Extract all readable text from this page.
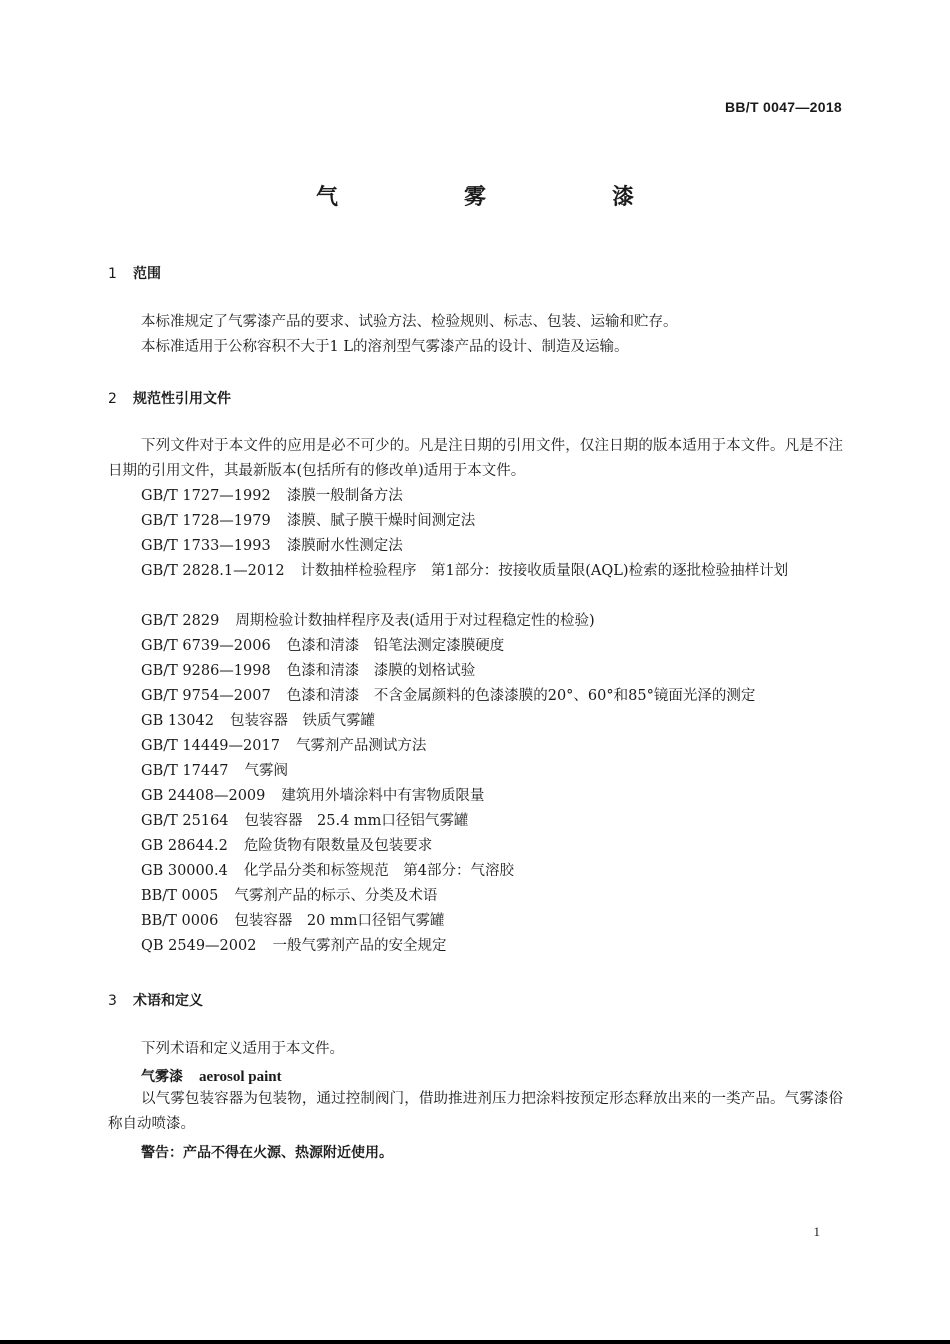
BB/T 0047—2018
气　雾　漆
1 范围
本标准规定了气雾漆产品的要求、试验方法、检验规则、标志、包装、运输和贮存。
本标准适用于公称容积不大于1 L的溶剂型气雾漆产品的设计、制造及运输。
2 规范性引用文件
下列文件对于本文件的应用是必不可少的。凡是注日期的引用文件，仅注日期的版本适用于本文件。凡是不注日期的引用文件，其最新版本(包括所有的修改单)适用于本文件。
GB/T 1727—1992 漆膜一般制备方法
GB/T 1728—1979 漆膜、腻子膜干燥时间测定法
GB/T 1733—1993 漆膜耐水性测定法
GB/T 2828.1—2012 计数抽样检验程序　第1部分：按接收质量限(AQL)检索的逐批检验抽样计划
GB/T 2829 周期检验计数抽样程序及表(适用于对过程稳定性的检验)
GB/T 6739—2006 色漆和清漆　铅笔法测定漆膜硬度
GB/T 9286—1998 色漆和清漆　漆膜的划格试验
GB/T 9754—2007 色漆和清漆　不含金属颜料的色漆漆膜的20°、60°和85°镜面光泽的测定
GB 13042 包装容器　铁质气雾罐
GB/T 14449—2017 气雾剂产品测试方法
GB/T 17447 气雾阀
GB 24408—2009 建筑用外墙涂料中有害物质限量
GB/T 25164 包装容器　25.4 mm口径铝气雾罐
GB 28644.2 危险货物有限数量及包装要求
GB 30000.4 化学品分类和标签规范　第4部分：气溶胶
BB/T 0005 气雾剂产品的标示、分类及术语
BB/T 0006 包装容器　20 mm口径铝气雾罐
QB 2549—2002 一般气雾剂产品的安全规定
3 术语和定义
下列术语和定义适用于本文件。
气雾漆 aerosol paint
以气雾包装容器为包装物，通过控制阀门，借助推进剂压力把涂料按预定形态释放出来的一类产品。气雾漆俗称自动喷漆。
警告：产品不得在火源、热源附近使用。
1
